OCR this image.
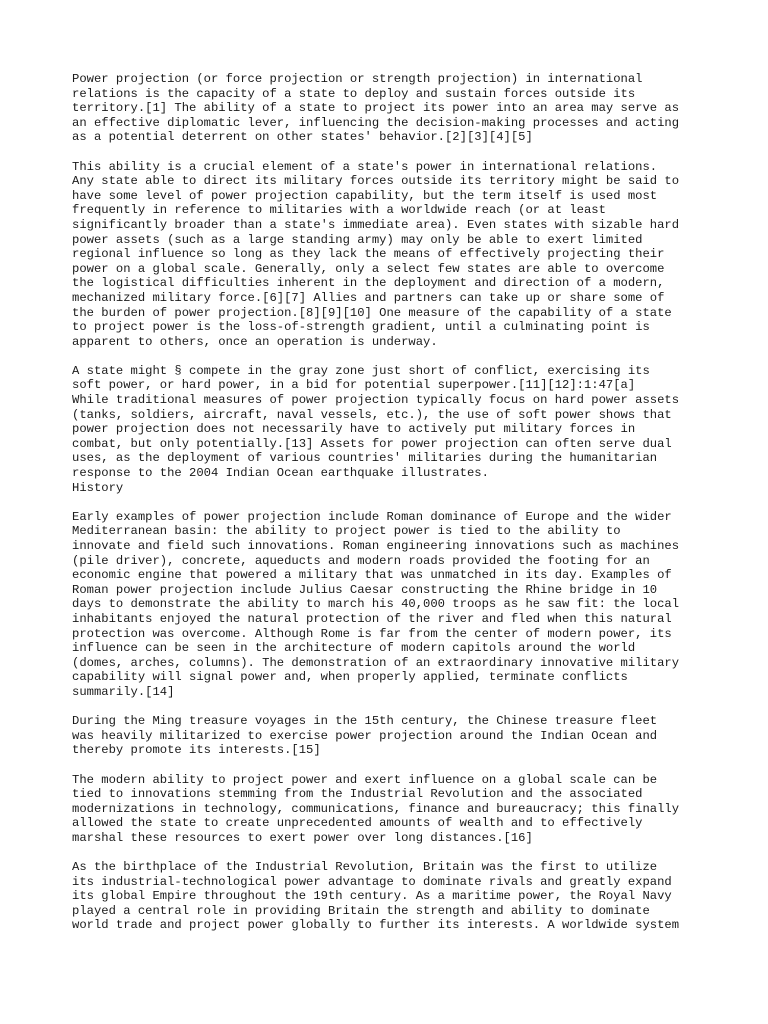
Power projection (or force projection or strength projection) in international
relations is the capacity of a state to deploy and sustain forces outside its
territory.[1] The ability of a state to project its power into an area may serve as
an effective diplomatic lever, influencing the decision-making processes and acting
as a potential deterrent on other states' behavior.[2][3][4][5]

This ability is a crucial element of a state's power in international relations.
Any state able to direct its military forces outside its territory might be said to
have some level of power projection capability, but the term itself is used most
frequently in reference to militaries with a worldwide reach (or at least
significantly broader than a state's immediate area). Even states with sizable hard
power assets (such as a large standing army) may only be able to exert limited
regional influence so long as they lack the means of effectively projecting their
power on a global scale. Generally, only a select few states are able to overcome
the logistical difficulties inherent in the deployment and direction of a modern,
mechanized military force.[6][7] Allies and partners can take up or share some of
the burden of power projection.[8][9][10] One measure of the capability of a state
to project power is the loss-of-strength gradient, until a culminating point is
apparent to others, once an operation is underway.

A state might § compete in the gray zone just short of conflict, exercising its
soft power, or hard power, in a bid for potential superpower.[11][12]:1:47[a]
While traditional measures of power projection typically focus on hard power assets
(tanks, soldiers, aircraft, naval vessels, etc.), the use of soft power shows that
power projection does not necessarily have to actively put military forces in
combat, but only potentially.[13] Assets for power projection can often serve dual
uses, as the deployment of various countries' militaries during the humanitarian
response to the 2004 Indian Ocean earthquake illustrates.

History

Early examples of power projection include Roman dominance of Europe and the wider
Mediterranean basin: the ability to project power is tied to the ability to
innovate and field such innovations. Roman engineering innovations such as machines
(pile driver), concrete, aqueducts and modern roads provided the footing for an
economic engine that powered a military that was unmatched in its day. Examples of
Roman power projection include Julius Caesar constructing the Rhine bridge in 10
days to demonstrate the ability to march his 40,000 troops as he saw fit: the local
inhabitants enjoyed the natural protection of the river and fled when this natural
protection was overcome. Although Rome is far from the center of modern power, its
influence can be seen in the architecture of modern capitols around the world
(domes, arches, columns). The demonstration of an extraordinary innovative military
capability will signal power and, when properly applied, terminate conflicts
summarily.[14]

During the Ming treasure voyages in the 15th century, the Chinese treasure fleet
was heavily militarized to exercise power projection around the Indian Ocean and
thereby promote its interests.[15]

The modern ability to project power and exert influence on a global scale can be
tied to innovations stemming from the Industrial Revolution and the associated
modernizations in technology, communications, finance and bureaucracy; this finally
allowed the state to create unprecedented amounts of wealth and to effectively
marshal these resources to exert power over long distances.[16]

As the birthplace of the Industrial Revolution, Britain was the first to utilize
its industrial-technological power advantage to dominate rivals and greatly expand
its global Empire throughout the 19th century. As a maritime power, the Royal Navy
played a central role in providing Britain the strength and ability to dominate
world trade and project power globally to further its interests. A worldwide system
